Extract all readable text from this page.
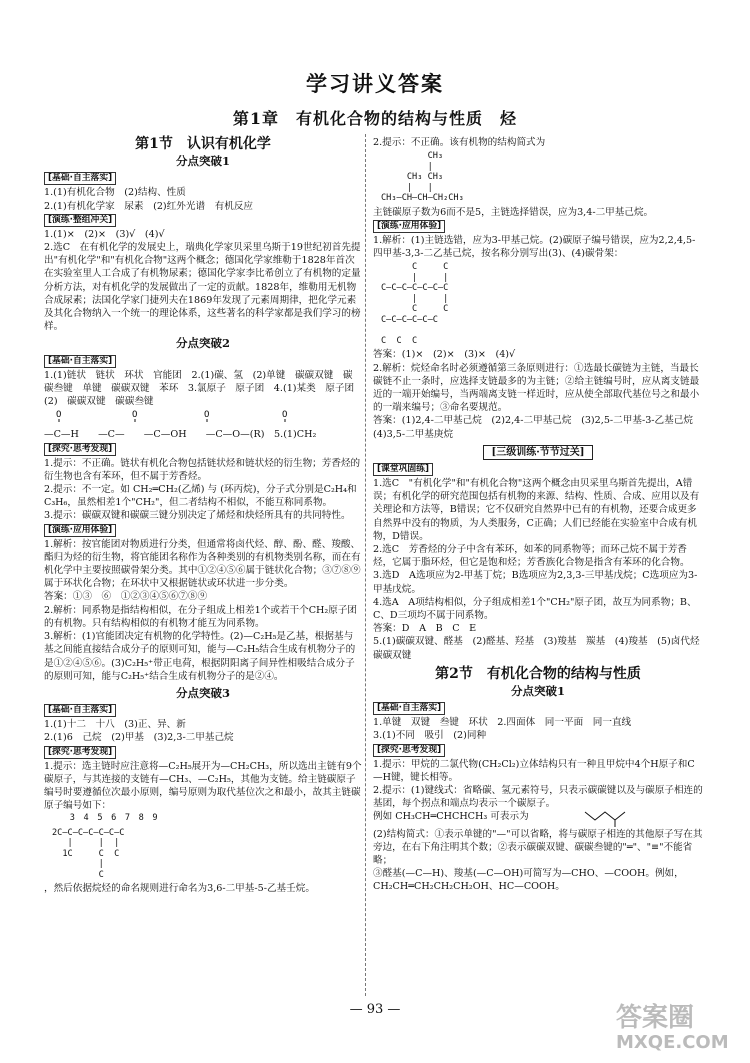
学习讲义答案
第1章　有机化合物的结构与性质　烃
第1节　认识有机化学
分点突破1
[基础·自主落实]

1.(1)有机化合物　(2)结构、性质

2.(1)有机化学家　尿素　(2)红外光谱　有机反应

[演练·整组冲关]

1.(1)×　(2)×　(3)√　(4)√

2.选C　在有机化学的发展史上，瑞典化学家贝采里乌斯于19世纪初首先提出"有机化学"和"有机化合物"这两个概念；德国化学家维勒于1828年首次在实验室里人工合成了有机物尿素；德国化学家李比希创立了有机物的定量分析方法，对有机化学的发展做出了一定的贡献。1828年，维勒用无机物合成尿素；法国化学家门捷列夫在1869年发现了元素周期律，把化学元素及其化合物纳入一个统一的理论体系，这些著名的科学家都是我们学习的榜样。

分点突破2
[基础·自主落实]

1.(1)链状　链状　环状　官能团　2.(1)碳、氢　(2)单键　碳碳双键　碳碳叁键　单键　碳碳双键　苯环　3.氯原子　原子团　4.(1)某类　原子团　(2)　碳碳双键　碳碳叁键

O	O	O	O

—C—H　　—C—　　—C—OH　　—C—O—(R)　5.(1)CH₂

[探究·思考发现]

1.提示：不正确。链状有机化合物包括链状烃和链状烃的衍生物；芳香烃的衍生物也含有苯环，但不属于芳香烃。

2.提示：不一定。如 CH₂═CH₂(乙烯) 与 (环丙烷)，分子式分别是C₂H₄和C₃H₆，虽然相差1个"CH₂"，但二者结构不相似，不能互称同系物。

3.提示：碳碳双键和碳碳三键分别决定了烯烃和炔烃所具有的共同特性。

[演练·应用体验]

1.解析：按官能团对物质进行分类，但通常将卤代烃、醇、酚、醛、羧酸、酯归为烃的衍生物，将官能团名称作为各种类别的有机物类别名称，而在有机化学中主要按照碳骨架分类。其中①②④⑤⑥属于链状化合物；③⑦⑧⑨属于环状化合物；在环状中又根据链状或环状进一步分类。

答案：①③　⑥　①②③④⑤⑥⑦⑧⑨

2.解析：同系物是指结构相似，在分子组成上相差1个或若干个CH₂原子团的有机物。只有结构相似的有机物才能互为同系物。

3.解析：(1)官能团决定有机物的化学特性。(2)—C₂H₅是乙基，根据基与基之间能直接结合成分子的原则可知，能与—C₂H₅结合生成有机物分子的是①②④⑤⑥。(3)C₂H₅⁺带正电荷，根据阴阳离子间异性相吸结合成分子的原则可知，能与C₂H₅⁺结合生成有机物分子的是②④。

分点突破3
[基础·自主落实]

1.(1)十二　十八　(3)正、异、新

2.(1)6　己烷　(2)甲基　(3)2,3-二甲基己烷

[探究·思考发现]

1.提示：选主链时应注意将—C₂H₅展开为—CH₂CH₃，所以选出主链有9个碳原子，与其连接的支链有—CH₃、—C₂H₅，其他为支链。给主链碳原子编号时要遵循位次最小原则，编号原则为取代基位次之和最小，故其主链碳原子编号如下：

　　　3　4　5　6　7　8　9

2C—C—C—C—C—C—C
|     |  |
1C     C  C
|
C

，然后依据烷烃的命名规则进行命名为3,6-二甲基-5-乙基壬烷。

2.提示：不正确。该有机物的结构简式为

CH₃
|
CH₃ CH₃
|   |
CH₃—CH—CH—CH₂CH₃

主链碳原子数为6而不是5，主链选择错误，应为3,4-二甲基己烷。

[演练·应用体验]

1.解析：(1)主链选错，应为3-甲基己烷。(2)碳原子编号错误，应为2,2,4,5-四甲基-3,3-二乙基己烷，按名称分别写出(3)、(4)碳骨架：

C     C
|     |
C—C—C—C—C—C—C
|     |
C     C
C—C—C—C—C—C

C  C  C

答案：(1)×　(2)×　(3)×　(4)√

2.解析：烷烃命名时必须遵循第三条原则进行：①选最长碳链为主链，当最长碳链不止一条时，应选择支链最多的为主链；②给主链编号时，应从离支链最近的一端开始编号，当两端离支链一样近时，应从使全部取代基位号之和最小的一端来编号；③命名要规范。

答案：(1)2,4-二甲基己烷　(2)2,4-二甲基己烷　(3)2,5-二甲基-3-乙基己烷　(4)3,5-二甲基庚烷

[三级训练·节节过关]
[课堂巩固练]

1.选C　"有机化学"和"有机化合物"这两个概念由贝采里乌斯首先提出，A错误；有机化学的研究范围包括有机物的来源、结构、性质、合成、应用以及有关理论和方法等，B错误；它不仅研究自然界中已有的有机物，还要合成更多自然界中没有的物质，为人类服务，C正确；人们已经能在实验室中合成有机物，D错误。

2.选C　芳香烃的分子中含有苯环，如苯的同系物等；而环己烷不属于芳香烃，它属于脂环烃，但它是饱和烃；芳香族化合物是指含有苯环的化合物。

3.选D　A选项应为2-甲基丁烷；B选项应为2,3,3-三甲基戊烷；C选项应为3-甲基戊烷。

4.选A　A项结构相似，分子组成相差1个"CH₂"原子团，故互为同系物；B、C、D三项均不属于同系物。

答案：D　A　B　C　E

5.(1)碳碳双键、醛基　(2)醛基、羟基　(3)羧基　羰基　(4)羧基　(5)卤代烃　碳碳双键

第2节　有机化合物的结构与性质
分点突破1
[基础·自主落实]

1.单键　双键　叁键　环状　2.四面体　同一平面　同一直线

3.(1)不同　吸引　(2)同种

[探究·思考发现]

1.提示：甲烷的二氯代物(CH₂Cl₂)立体结构只有一种且甲烷中4个H原子和C—H键，键长相等。

2.提示：(1)键线式：省略碳、氢元素符号，只表示碳碳键以及与碳原子相连的基团，每个拐点和端点均表示一个碳原子。

例如 CH₃CH═CHCHCH₃ 可表示为

(2)结构简式：①表示单键的"—"可以省略，将与碳原子相连的其他原子写在其旁边，在右下角注明其个数；②表示碳碳双键、碳碳叁键的"═"、"≡"不能省略；

③醛基(—C—H)、羧基(—C—OH)可简写为—CHO、—COOH。例如，CH₂CH═CH₂CH₂CH₂OH、HC—COOH。

— 93 —	答案圈
MXQE.COM
